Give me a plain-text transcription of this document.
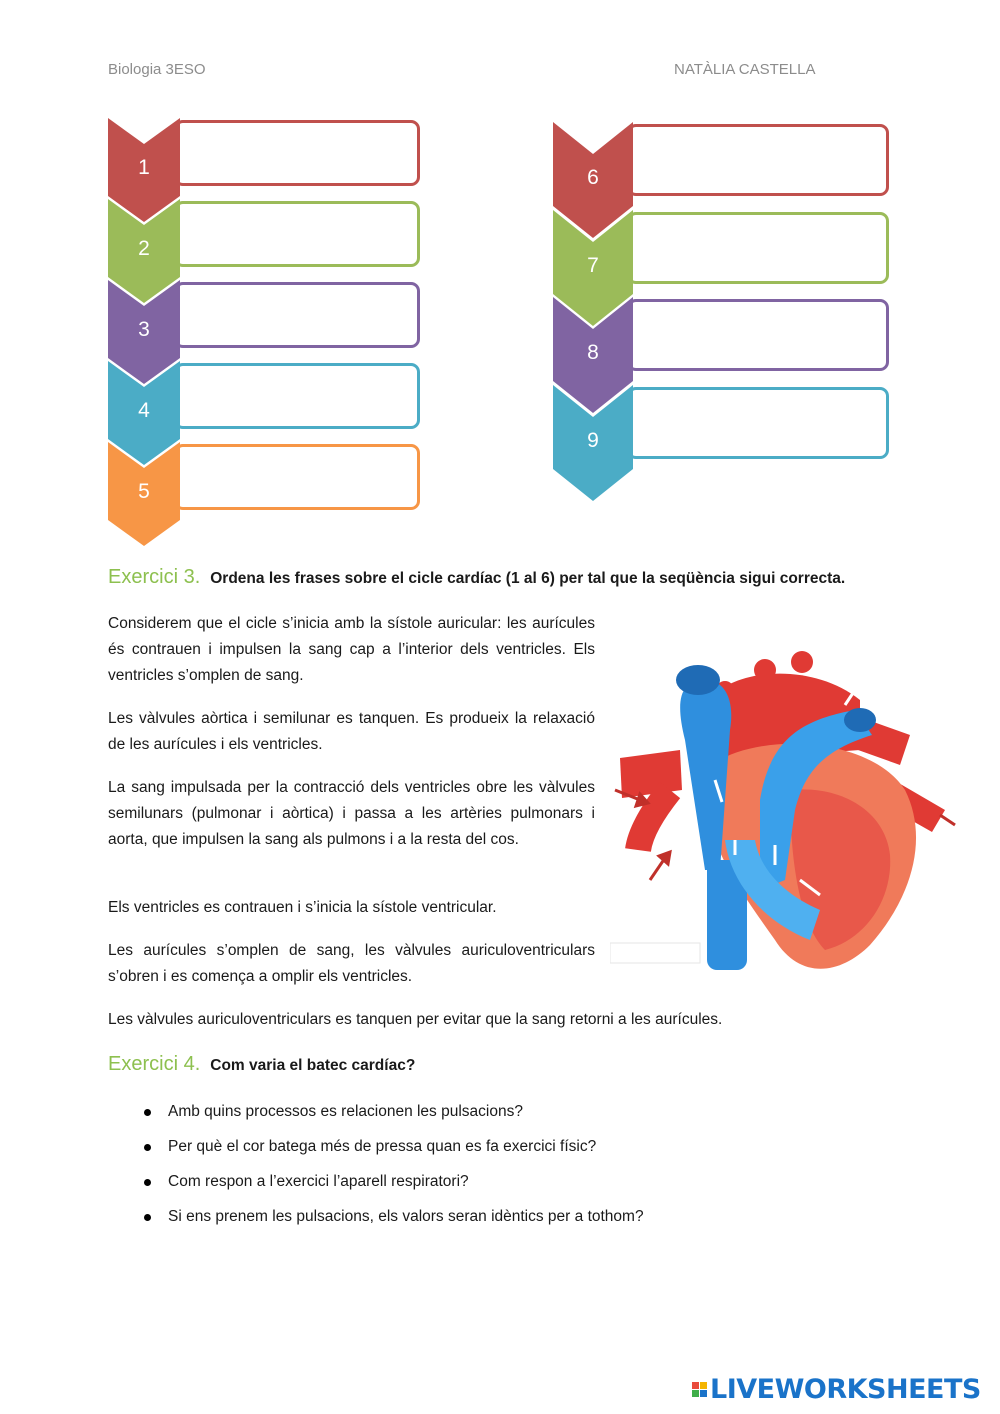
Biologia 3ESO	NATÀLIA CASTELLA
1
2
3
4
5
6
7
8
9
Exercici 3. Ordena les frases sobre el cicle cardíac (1 al 6) per tal que la seqüència sigui correcta.

Considerem que el cicle s’inicia amb la sístole auricular: les aurícules és contrauen i impulsen la sang cap a l’interior dels ventricles. Els ventricles s’omplen de sang.

Les vàlvules aòrtica i semilunar es tanquen. Es produeix la relaxació de les aurícules i els ventricles.

La sang impulsada per la contracció dels ventricles obre les vàlvules semilunars (pulmonar i aòrtica) i passa a les artèries pulmonars i aorta, que impulsen la sang als pulmons i a la resta del cos.

Els ventricles es contrauen i s’inicia la sístole ventricular.

Les aurícules s’omplen de sang, les vàlvules auriculoventriculars s’obren i es comença a omplir els ventricles.

Les vàlvules auriculoventriculars es tanquen per evitar que la sang retorni a les aurícules.

Exercici 4. Com varia el batec cardíac?
Amb quins processos es relacionen les pulsacions?
Per què el cor batega més de pressa quan es fa exercici físic?
Com respon a l’exercici l’aparell respiratori?
Si ens prenem les pulsacions, els valors seran idèntics per a tothom?
LIVEWORKSHEETS
